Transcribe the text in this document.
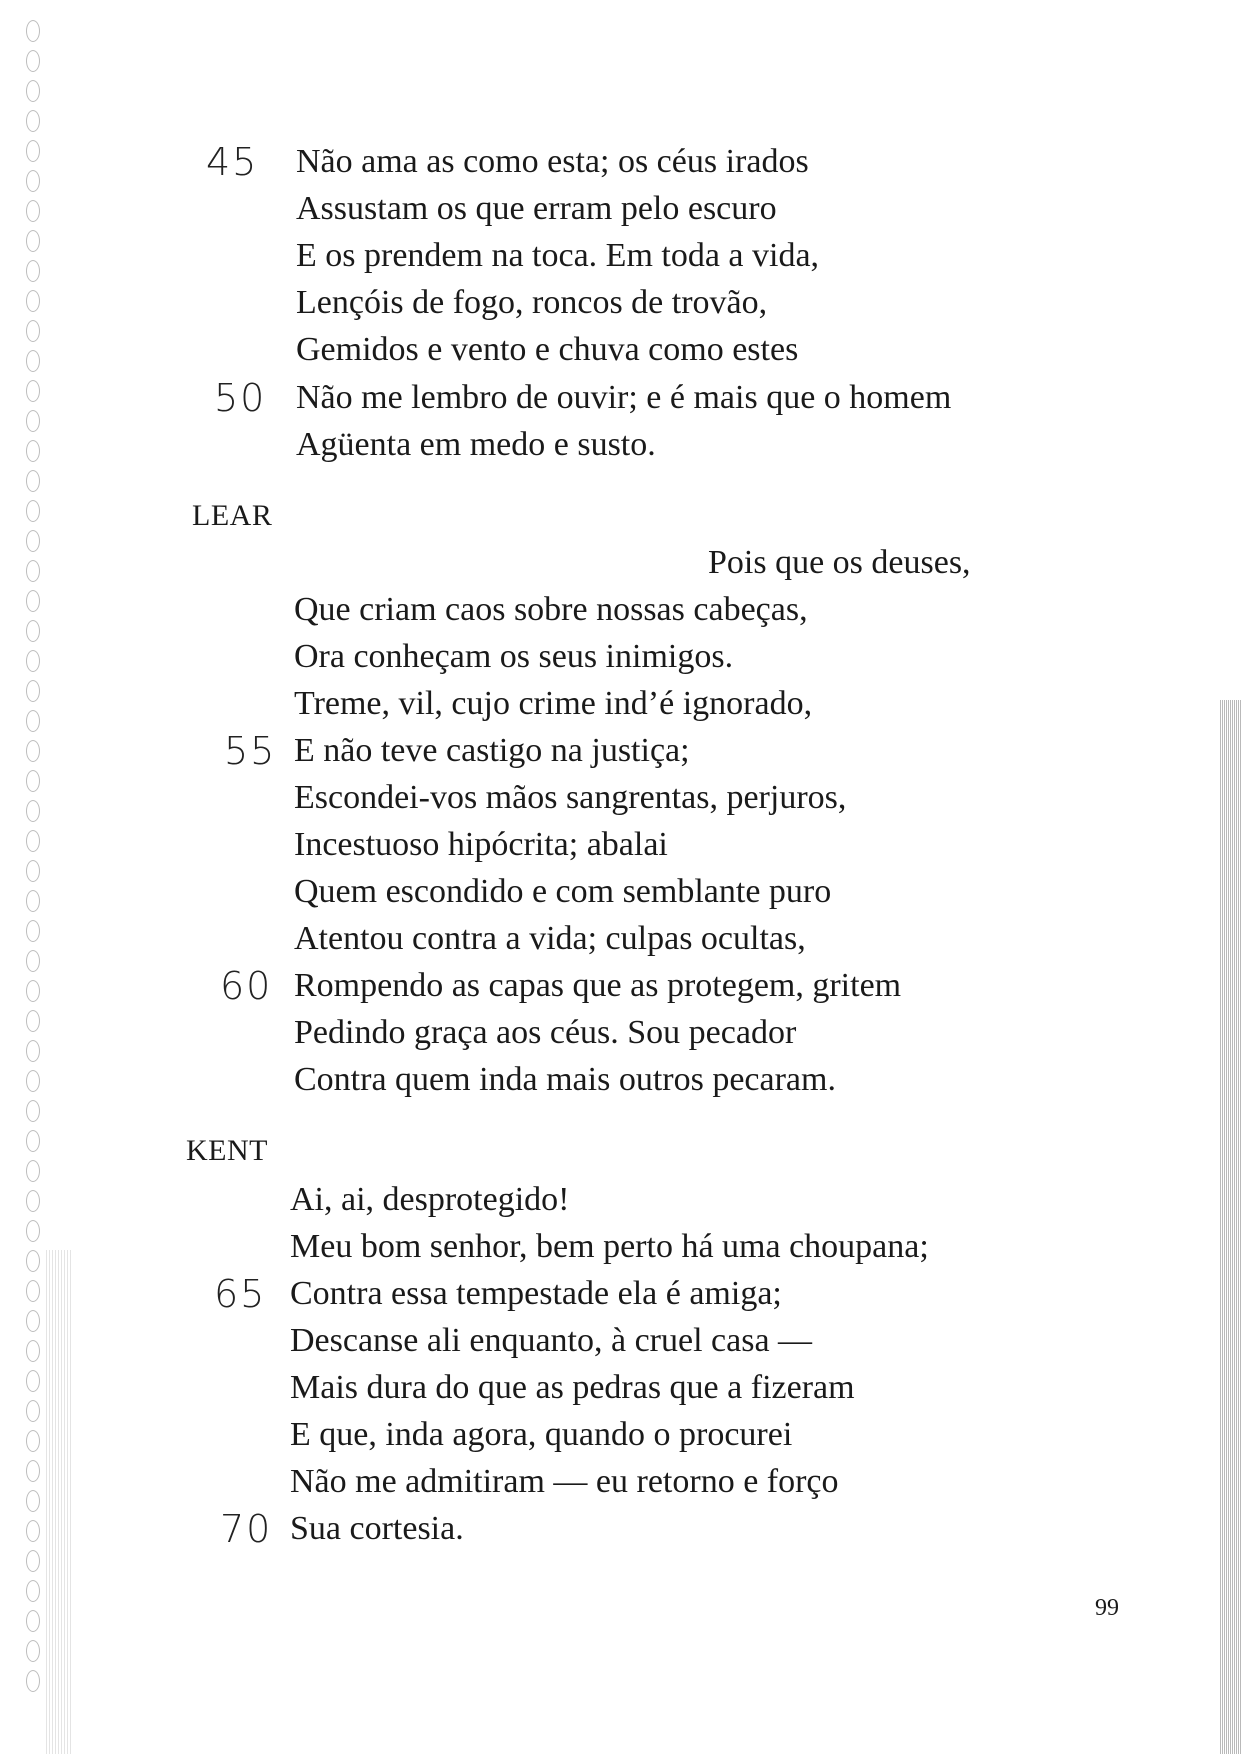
Não ama as como esta; os céus irados
Assustam os que erram pelo escuro
E os prendem na toca. Em toda a vida,
Lençóis de fogo, roncos de trovão,
Gemidos e vento e chuva como estes
Não me lembro de ouvir; e é mais que o homem
Agüenta em medo e susto.
LEAR
Pois que os deuses,
Que criam caos sobre nossas cabeças,
Ora conheçam os seus inimigos.
Treme, vil, cujo crime ind’é ignorado,
E não teve castigo na justiça;
Escondei-vos mãos sangrentas, perjuros,
Incestuoso hipócrita; abalai
Quem escondido e com semblante puro
Atentou contra a vida; culpas ocultas,
Rompendo as capas que as protegem, gritem
Pedindo graça aos céus. Sou pecador
Contra quem inda mais outros pecaram.
KENT
Ai, ai, desprotegido!
Meu bom senhor, bem perto há uma choupana;
Contra essa tempestade ela é amiga;
Descanse ali enquanto, à cruel casa —
Mais dura do que as pedras que a fizeram
E que, inda agora, quando o procurei
Não me admitiram — eu retorno e forço
Sua cortesia.
45
50
55
60
65
70
99
